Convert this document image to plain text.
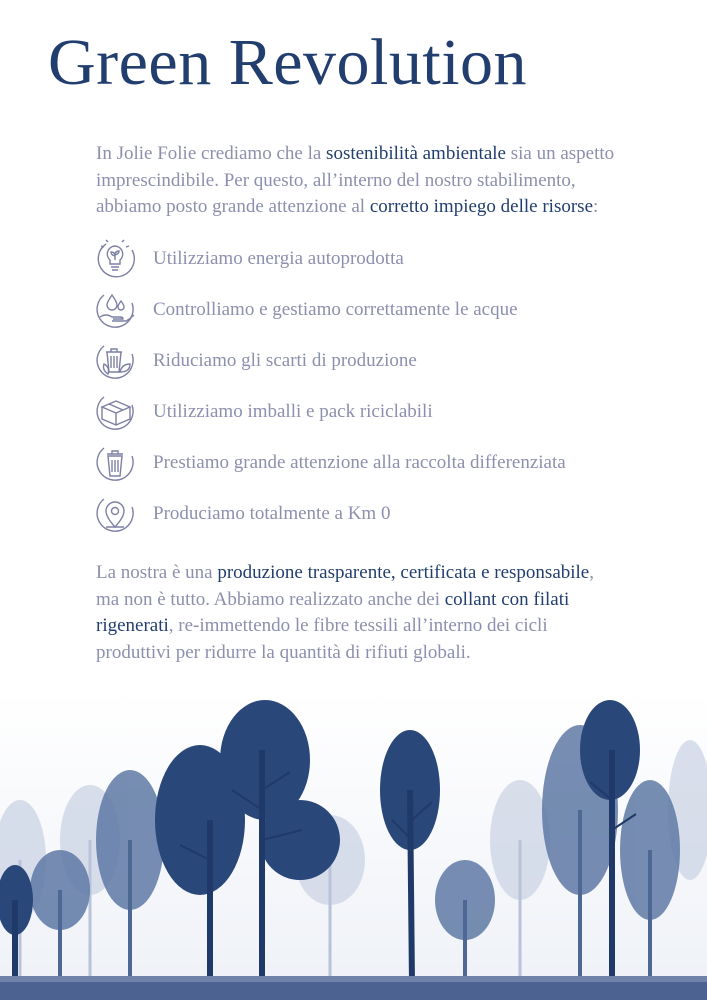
Green Revolution
In Jolie Folie crediamo che la sostenibilità ambientale sia un aspetto
imprescindibile. Per questo, all’interno del nostro stabilimento,
abbiamo posto grande attenzione al corretto impiego delle risorse:
Utilizziamo energia autoprodotta
Controlliamo e gestiamo correttamente le acque
Riduciamo gli scarti di produzione
Utilizziamo imballi e pack riciclabili
Prestiamo grande attenzione alla raccolta differenziata
Produciamo totalmente a Km 0
La nostra è una produzione trasparente, certificata e responsabile,
ma non è tutto. Abbiamo realizzato anche dei collant con filati
rigenerati, re-immettendo le fibre tessili all’interno dei cicli
produttivi per ridurre la quantità di rifiuti globali.
